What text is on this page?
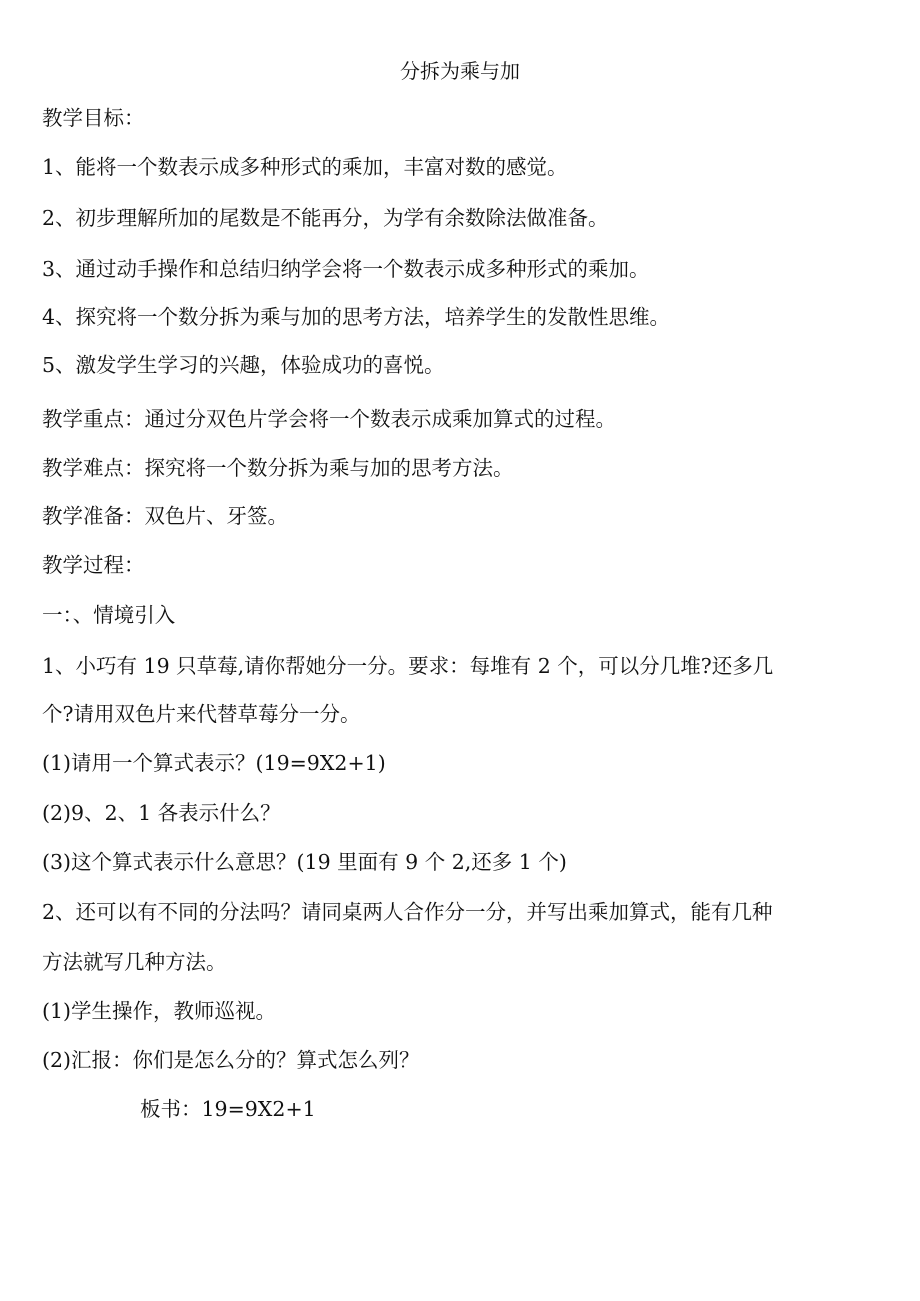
分拆为乘与加
教学目标：
1、能将一个数表示成多种形式的乘加，丰富对数的感觉。
2、初步理解所加的尾数是不能再分，为学有余数除法做准备。
3、通过动手操作和总结归纳学会将一个数表示成多种形式的乘加。
4、探究将一个数分拆为乘与加的思考方法，培养学生的发散性思维。
5、激发学生学习的兴趣，体验成功的喜悦。
教学重点：通过分双色片学会将一个数表示成乘加算式的过程。
教学难点：探究将一个数分拆为乘与加的思考方法。
教学准备：双色片、牙签。
教学过程：
一：、情境引入
1、小巧有 19 只草莓,请你帮她分一分。要求：每堆有 2 个，可以分几堆?还多几
个?请用双色片来代替草莓分一分。
(1)请用一个算式表示？(19=9X2+1)
(2)9、2、1 各表示什么？
(3)这个算式表示什么意思？(19 里面有 9 个 2,还多 1 个)
2、还可以有不同的分法吗？请同桌两人合作分一分，并写出乘加算式，能有几种
方法就写几种方法。
(1)学生操作，教师巡视。
(2)汇报：你们是怎么分的？算式怎么列？
板书：19=9X2+1
